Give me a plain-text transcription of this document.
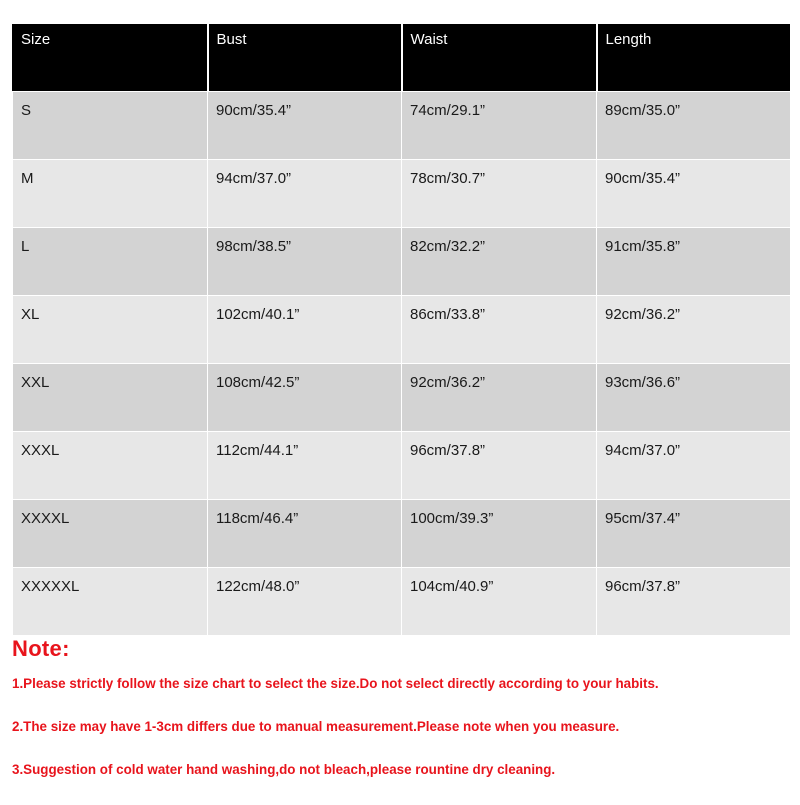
Size	Bust	Waist	Length
S	90cm/35.4”	74cm/29.1”	89cm/35.0”
M	94cm/37.0”	78cm/30.7”	90cm/35.4”
L	98cm/38.5”	82cm/32.2”	91cm/35.8”
XL	102cm/40.1”	86cm/33.8”	92cm/36.2”
XXL	108cm/42.5”	92cm/36.2”	93cm/36.6”
XXXL	112cm/44.1”	96cm/37.8”	94cm/37.0”
XXXXL	118cm/46.4”	100cm/39.3”	95cm/37.4”
XXXXXL	122cm/48.0”	104cm/40.9”	96cm/37.8”
Note:
1.Please strictly follow the size chart to select the size.Do not select directly according to your habits.
2.The size may have 1-3cm differs due to manual measurement.Please note when you measure.
3.Suggestion of cold water hand washing,do not bleach,please rountine dry cleaning.
